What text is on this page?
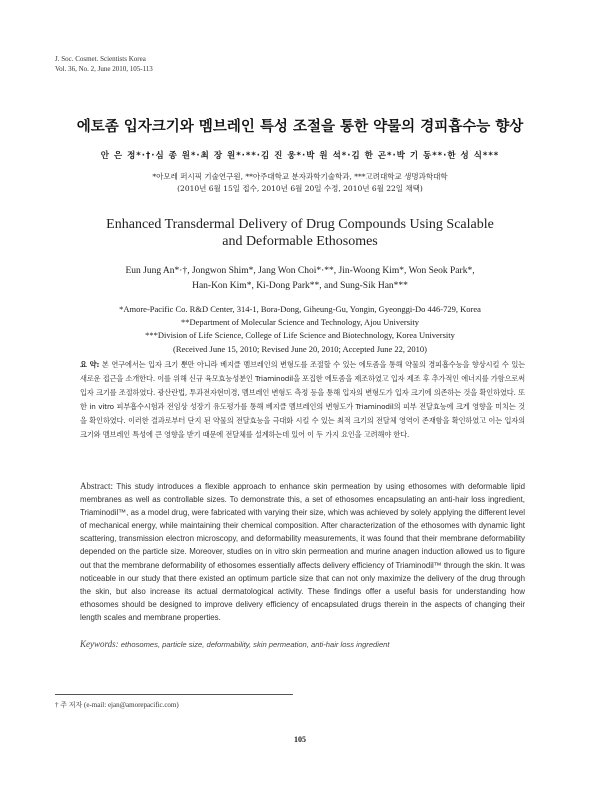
J. Soc. Cosmet. Scientists Korea
Vol. 36, No. 2, June 2010, 105-113
에토좀 입자크기와 멤브레인 특성 조절을 통한 약물의 경피흡수능 향상
안 은 정*·†·심 종 원*·최 장 원*·**·김 진 웅*·박 원 석*·김 한 곤*·박 기 동**·한 성 식***
*아모레 퍼시픽 기술연구원, **아주대학교 분자과학기술학과, ***고려대학교 생명과학대학
(2010년 6월 15일 접수, 2010년 6월 20일 수정, 2010년 6월 22일 채택)
Enhanced Transdermal Delivery of Drug Compounds Using Scalable
and Deformable Ethosomes
Eun Jung An*·†, Jongwon Shim*, Jang Won Choi*·**, Jin-Woong Kim*, Won Seok Park*,
Han-Kon Kim*, Ki-Dong Park**, and Sung-Sik Han***
*Amore-Pacific Co. R&D Center, 314-1, Bora-Dong, Giheung-Gu, Yongin, Gyeonggi-Do 446-729, Korea
**Department of Molecular Science and Technology, Ajou University
***Division of Life Science, College of Life Science and Biotechnology, Korea University
(Received June 15, 2010; Revised June 20, 2010; Accepted June 22, 2010)
요 약: 본 연구에서는 입자 크기 뿐만 아니라 베지클 멤브레인의 변형도를 조절할 수 있는 에토좀을 통해 약물의 경피흡수능을 향상시킬 수 있는 새로운 접근을 소개한다. 이를 위해 신규 육모효능성분인 Triaminodil을 포집한 에토좀을 제조하였고 입자 제조 후 추가적인 에너지를 가함으로써 입자 크기를 조절하였다. 광산란법, 투과전자현미경, 멤브레인 변형도 측정 등을 통해 입자의 변형도가 입자 크기에 의존하는 것을 확인하였다. 또한 in vitro 피부흡수시험과 전임상 성장기 유도평가를 통해 베지클 멤브레인의 변형도가 Triaminodil의 피부 전달효능에 크게 영향을 미치는 것을 확인하였다. 이러한 결과로부터 단지 된 약물의 전달효능을 극대화 시킬 수 있는 최적 크기의 전달체 영역이 존재함을 확인하였고 이는 입자의 크기와 멤브레인 특성에 큰 영향을 받기 때문에 전달체를 설계하는데 있어 이 두 가지 요인을 고려해야 한다.
Abstract: This study introduces a flexible approach to enhance skin permeation by using ethosomes with deformable lipid membranes as well as controllable sizes. To demonstrate this, a set of ethosomes encapsulating an anti-hair loss ingredient, Triaminodil™, as a model drug, were fabricated with varying their size, which was achieved by solely applying the different level of mechanical energy, while maintaining their chemical composition. After characterization of the ethosomes with dynamic light scattering, transmission electron microscopy, and deformability measurements, it was found that their membrane deformability depended on the particle size. Moreover, studies on in vitro skin permeation and murine anagen induction allowed us to figure out that the membrane deformability of ethosomes essentially affects delivery efficiency of Triaminodil™ through the skin. It was noticeable in our study that there existed an optimum particle size that can not only maximize the delivery of the drug through the skin, but also increase its actual dermatological activity. These findings offer a useful basis for understanding how ethosomes should be designed to improve delivery efficiency of encapsulated drugs therein in the aspects of changing their length scales and membrane properties.
Keywords: ethosomes, particle size, deformability, skin permeation, anti-hair loss ingredient
† 주 저자 (e-mail: ejan@amorepacific.com)
105
